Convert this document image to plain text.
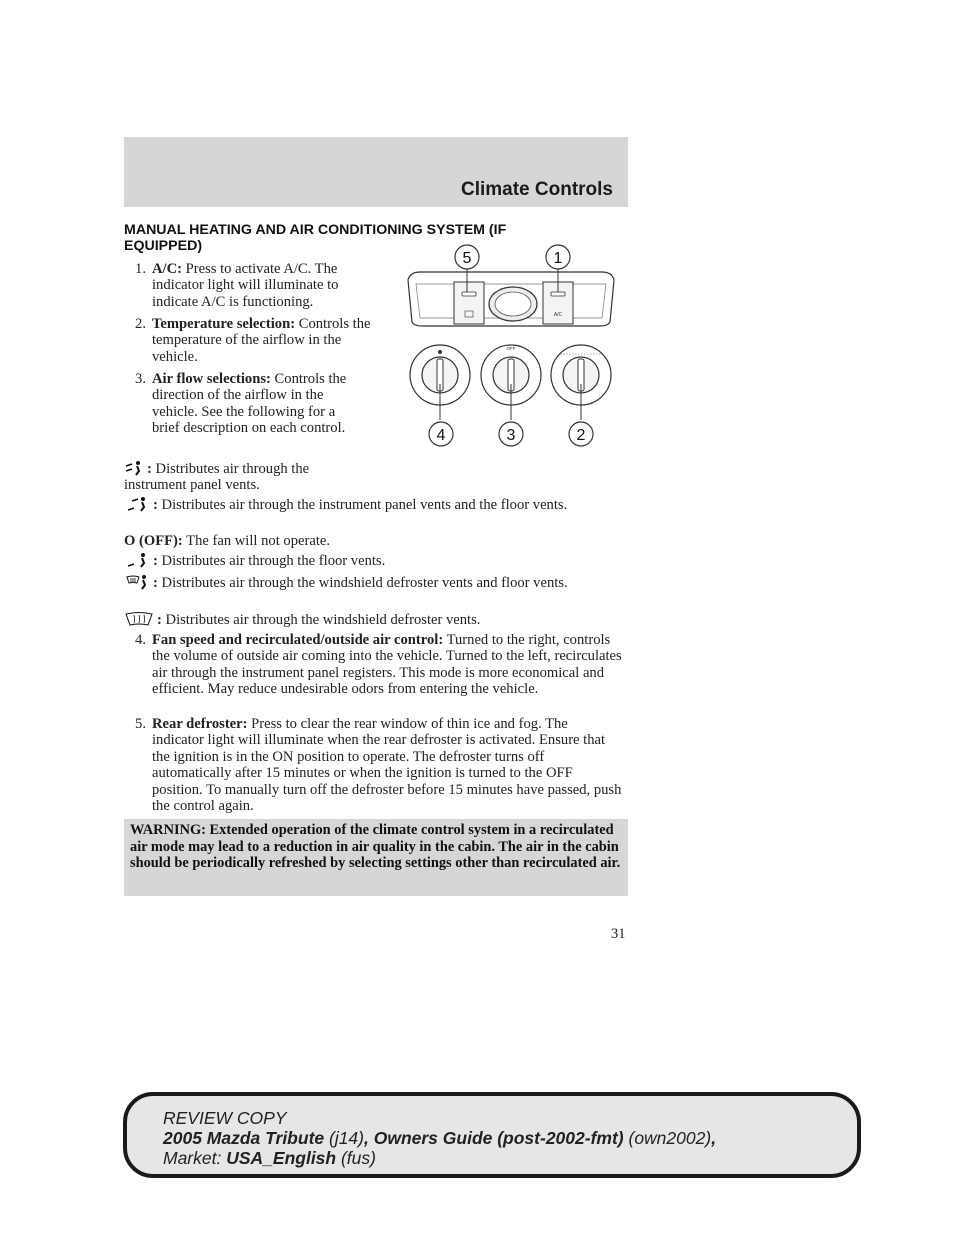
Climate Controls
MANUAL HEATING AND AIR CONDITIONING SYSTEM (IF EQUIPPED)
1. A/C: Press to activate A/C. The indicator light will illuminate to indicate A/C is functioning.
2. Temperature selection: Controls the temperature of the airflow in the vehicle.
3. Air flow selections: Controls the direction of the airflow in the vehicle. See the following for a brief description on each control.
A/C
OFF
5	1
4	3	2
: Distributes air through the instrument panel vents.
: Distributes air through the instrument panel vents and the floor vents.
O (OFF): The fan will not operate.
: Distributes air through the floor vents.
: Distributes air through the windshield defroster vents and floor vents.
: Distributes air through the windshield defroster vents.
4. Fan speed and recirculated/outside air control: Turned to the right, controls the volume of outside air coming into the vehicle. Turned to the left, recirculates air through the instrument panel registers. This mode is more economical and efficient. May reduce undesirable odors from entering the vehicle.
5. Rear defroster: Press to clear the rear window of thin ice and fog. The indicator light will illuminate when the rear defroster is activated. Ensure that the ignition is in the ON position to operate. The defroster turns off automatically after 15 minutes or when the ignition is turned to the OFF position. To manually turn off the defroster before 15 minutes have passed, push the control again.
WARNING: Extended operation of the climate control system in a recirculated air mode may lead to a reduction in air quality in the cabin. The air in the cabin should be periodically refreshed by selecting settings other than recirculated air.
31
REVIEW COPY
2005 Mazda Tribute (j14), Owners Guide (post-2002-fmt) (own2002),
Market: USA_English (fus)
